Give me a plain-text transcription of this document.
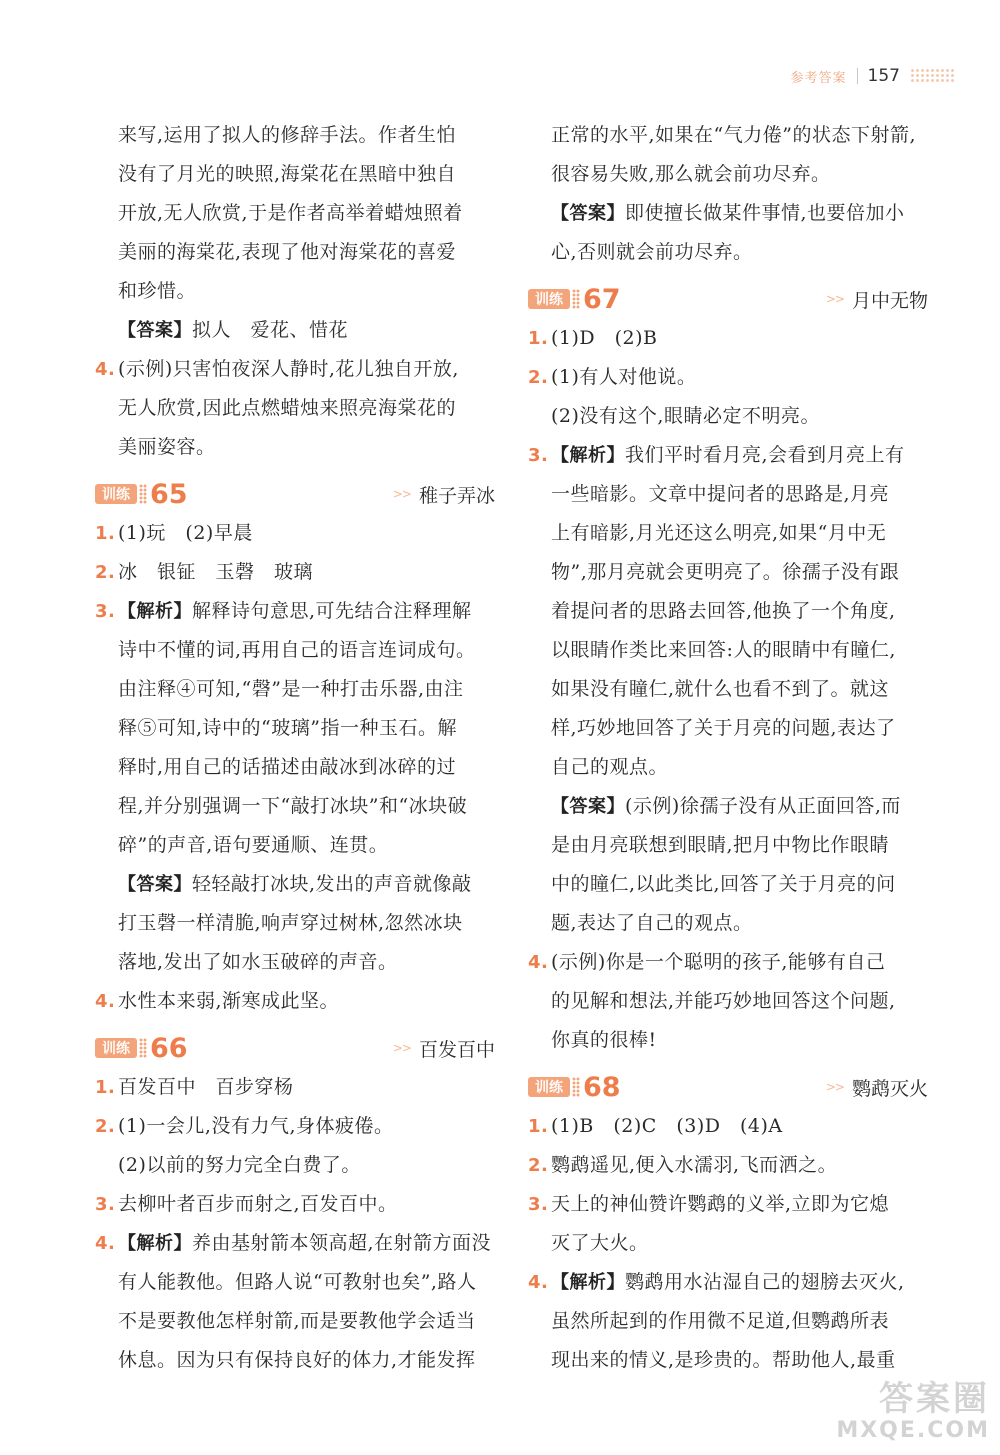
参考答案 157
来写,运用了拟人的修辞手法。作者生怕
没有了月光的映照,海棠花在黑暗中独自
开放,无人欣赏,于是作者高举着蜡烛照着
美丽的海棠花,表现了他对海棠花的喜爱
和珍惜。
【答案】拟人　爱花、惜花
4. (示例)只害怕夜深人静时,花儿独自开放,
无人欣赏,因此点燃蜡烛来照亮海棠花的
美丽姿容。
训练 65	>> 稚子弄冰
1. (1)玩　(2)早晨
2. 冰　银钲　玉磬　玻璃
3. 【解析】解释诗句意思,可先结合注释理解
诗中不懂的词,再用自己的语言连词成句。
由注释④可知,“磬”是一种打击乐器,由注
释⑤可知,诗中的“玻璃”指一种玉石。解
释时,用自己的话描述由敲冰到冰碎的过
程,并分别强调一下“敲打冰块”和“冰块破
碎”的声音,语句要通顺、连贯。
【答案】轻轻敲打冰块,发出的声音就像敲
打玉磬一样清脆,响声穿过树林,忽然冰块
落地,发出了如水玉破碎的声音。
4. 水性本来弱,渐寒成此坚。
训练 66	>> 百发百中
1. 百发百中　百步穿杨
2. (1)一会儿,没有力气,身体疲倦。
(2)以前的努力完全白费了。
3. 去柳叶者百步而射之,百发百中。
4. 【解析】养由基射箭本领高超,在射箭方面没
有人能教他。但路人说“可教射也矣”,路人
不是要教他怎样射箭,而是要教他学会适当
休息。因为只有保持良好的体力,才能发挥
正常的水平,如果在“气力倦”的状态下射箭,
很容易失败,那么就会前功尽弃。
【答案】即使擅长做某件事情,也要倍加小
心,否则就会前功尽弃。
训练 67	>> 月中无物
1. (1)D　(2)B
2. (1)有人对他说。
(2)没有这个,眼睛必定不明亮。
3. 【解析】我们平时看月亮,会看到月亮上有
一些暗影。文章中提问者的思路是,月亮
上有暗影,月光还这么明亮,如果“月中无
物”,那月亮就会更明亮了。徐孺子没有跟
着提问者的思路去回答,他换了一个角度,
以眼睛作类比来回答:人的眼睛中有瞳仁,
如果没有瞳仁,就什么也看不到了。就这
样,巧妙地回答了关于月亮的问题,表达了
自己的观点。
【答案】(示例)徐孺子没有从正面回答,而
是由月亮联想到眼睛,把月中物比作眼睛
中的瞳仁,以此类比,回答了关于月亮的问
题,表达了自己的观点。
4. (示例)你是一个聪明的孩子,能够有自己
的见解和想法,并能巧妙地回答这个问题,
你真的很棒!
训练 68	>> 鹦鹉灭火
1. (1)B　(2)C　(3)D　(4)A
2. 鹦鹉遥见,便入水濡羽,飞而洒之。
3. 天上的神仙赞许鹦鹉的义举,立即为它熄
灭了大火。
4. 【解析】鹦鹉用水沾湿自己的翅膀去灭火,
虽然所起到的作用微不足道,但鹦鹉所表
现出来的情义,是珍贵的。帮助他人,最重
答案圈
MXQE.COM
